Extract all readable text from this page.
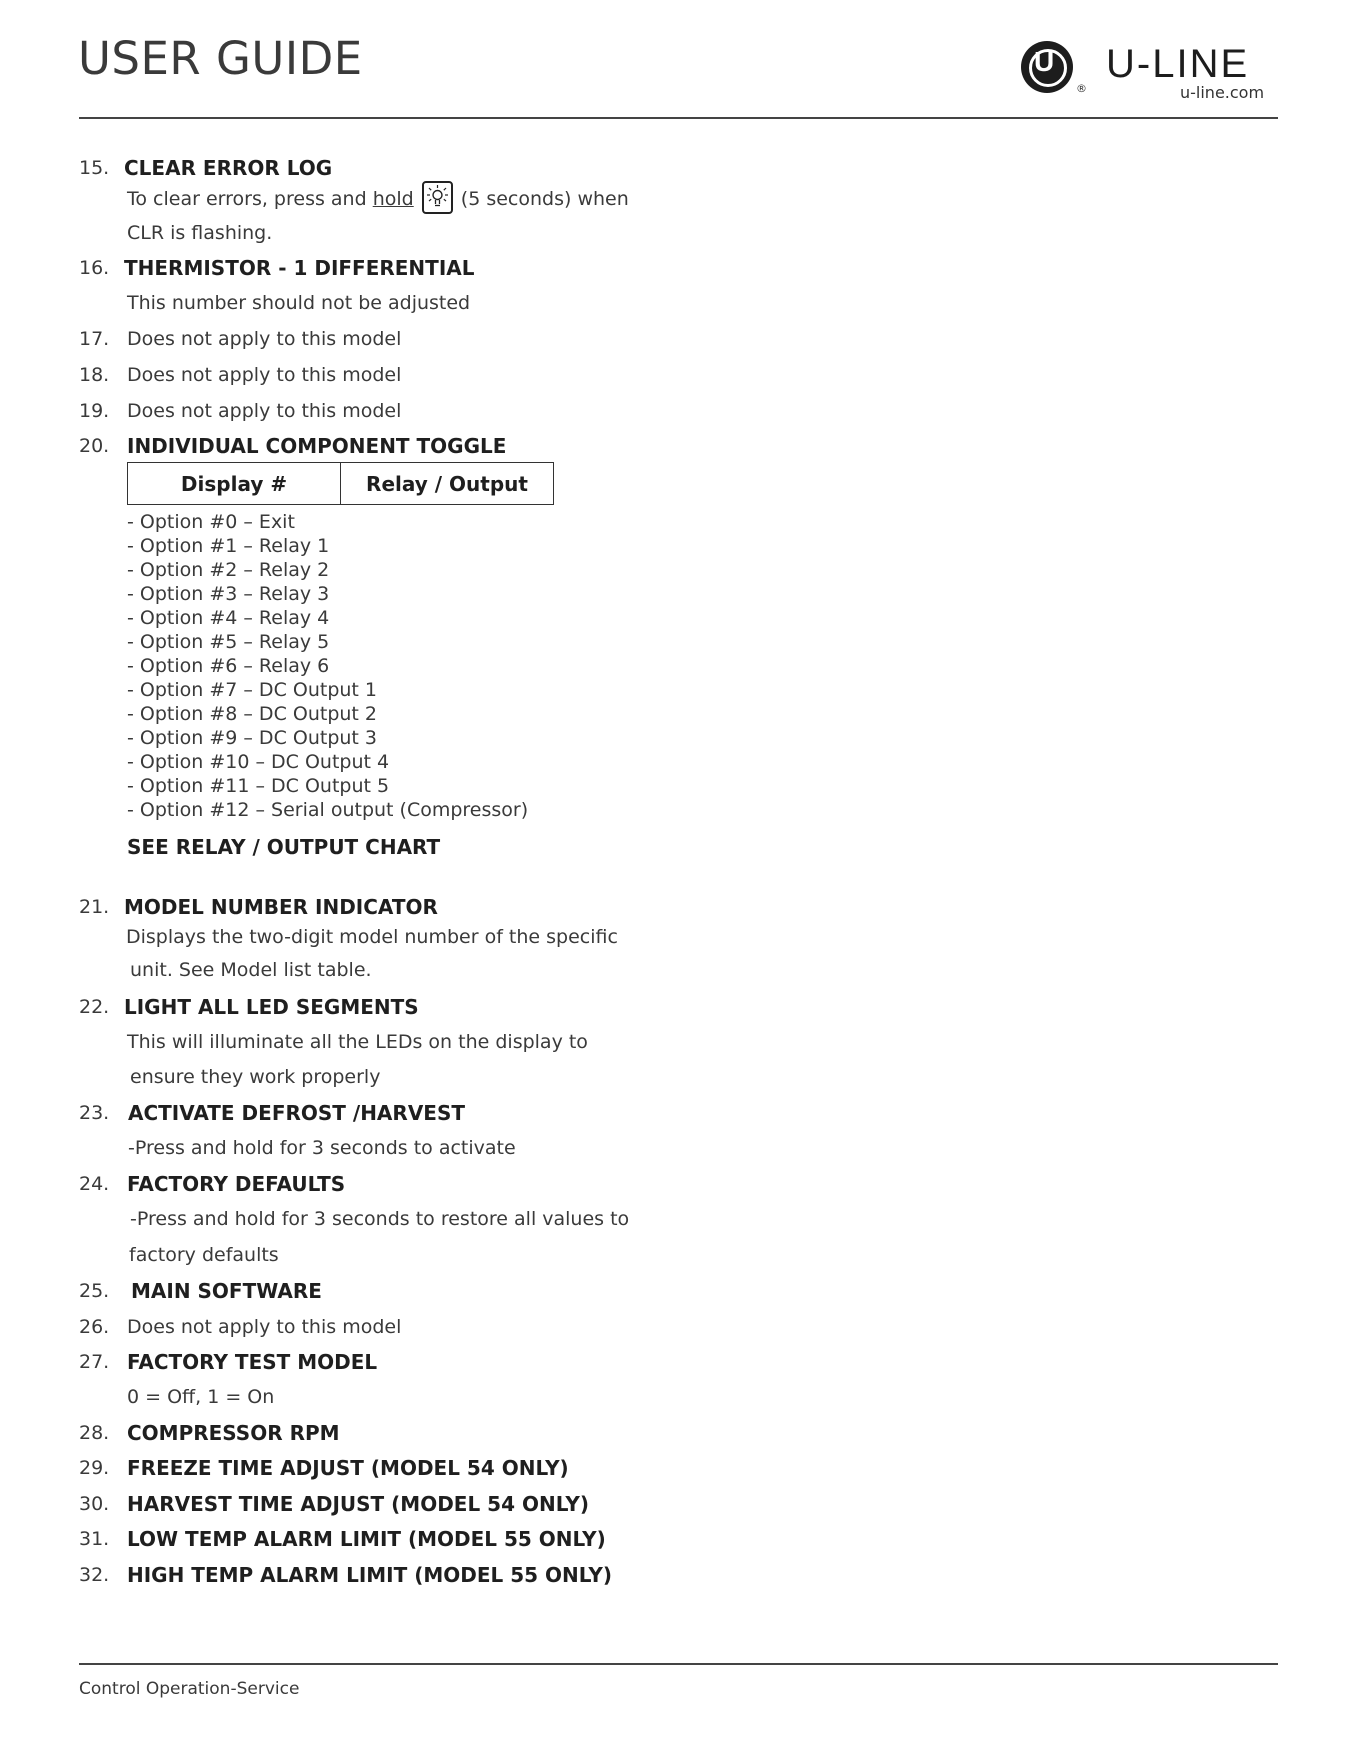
USER GUIDE	U
®
U-LINE
u-line.com
15. CLEAR ERROR LOG
To clear errors, press and hold
(5 seconds) when
CLR is flashing.
16. THERMISTOR - 1 DIFFERENTIAL
This number should not be adjusted
17. Does not apply to this model
18. Does not apply to this model
19. Does not apply to this model
20. INDIVIDUAL COMPONENT TOGGLE
Display #	Relay / Output
- Option #0 – Exit
- Option #1 – Relay 1
- Option #2 – Relay 2
- Option #3 – Relay 3
- Option #4 – Relay 4
- Option #5 – Relay 5
- Option #6 – Relay 6
- Option #7 – DC Output 1
- Option #8 – DC Output 2
- Option #9 – DC Output 3
- Option #10 – DC Output 4
- Option #11 – DC Output 5
- Option #12 – Serial output (Compressor)
SEE RELAY / OUTPUT CHART
21. MODEL NUMBER INDICATOR
Displays the two-digit model number of the specific
unit. See Model list table.
22. LIGHT ALL LED SEGMENTS
This will illuminate all the LEDs on the display to
ensure they work properly
23. ACTIVATE DEFROST /HARVEST
-Press and hold for 3 seconds to activate
24. FACTORY DEFAULTS
-Press and hold for 3 seconds to restore all values to
factory defaults
25. MAIN SOFTWARE
26. Does not apply to this model
27. FACTORY TEST MODEL
0 = Off, 1 = On
28. COMPRESSOR RPM
29. FREEZE TIME ADJUST (MODEL 54 ONLY)
30. HARVEST TIME ADJUST (MODEL 54 ONLY)
31. LOW TEMP ALARM LIMIT (MODEL 55 ONLY)
32. HIGH TEMP ALARM LIMIT (MODEL 55 ONLY)
Control Operation-Service
